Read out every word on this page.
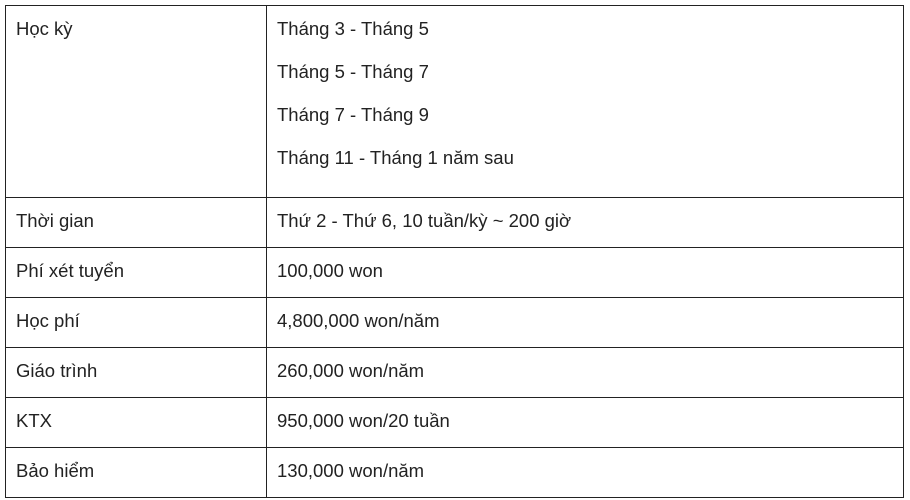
Học kỳ	Tháng 3 - Tháng 5
Tháng 5 - Tháng 7
Tháng 7 - Tháng 9
Tháng 11 - Tháng 1 năm sau

Thời gian	Thứ 2 - Thứ 6, 10 tuần/kỳ ~ 200 giờ

Phí xét tuyển	100,000 won

Học phí	4,800,000 won/năm

Giáo trình	260,000 won/năm

KTX	950,000 won/20 tuần

Bảo hiểm	130,000 won/năm
